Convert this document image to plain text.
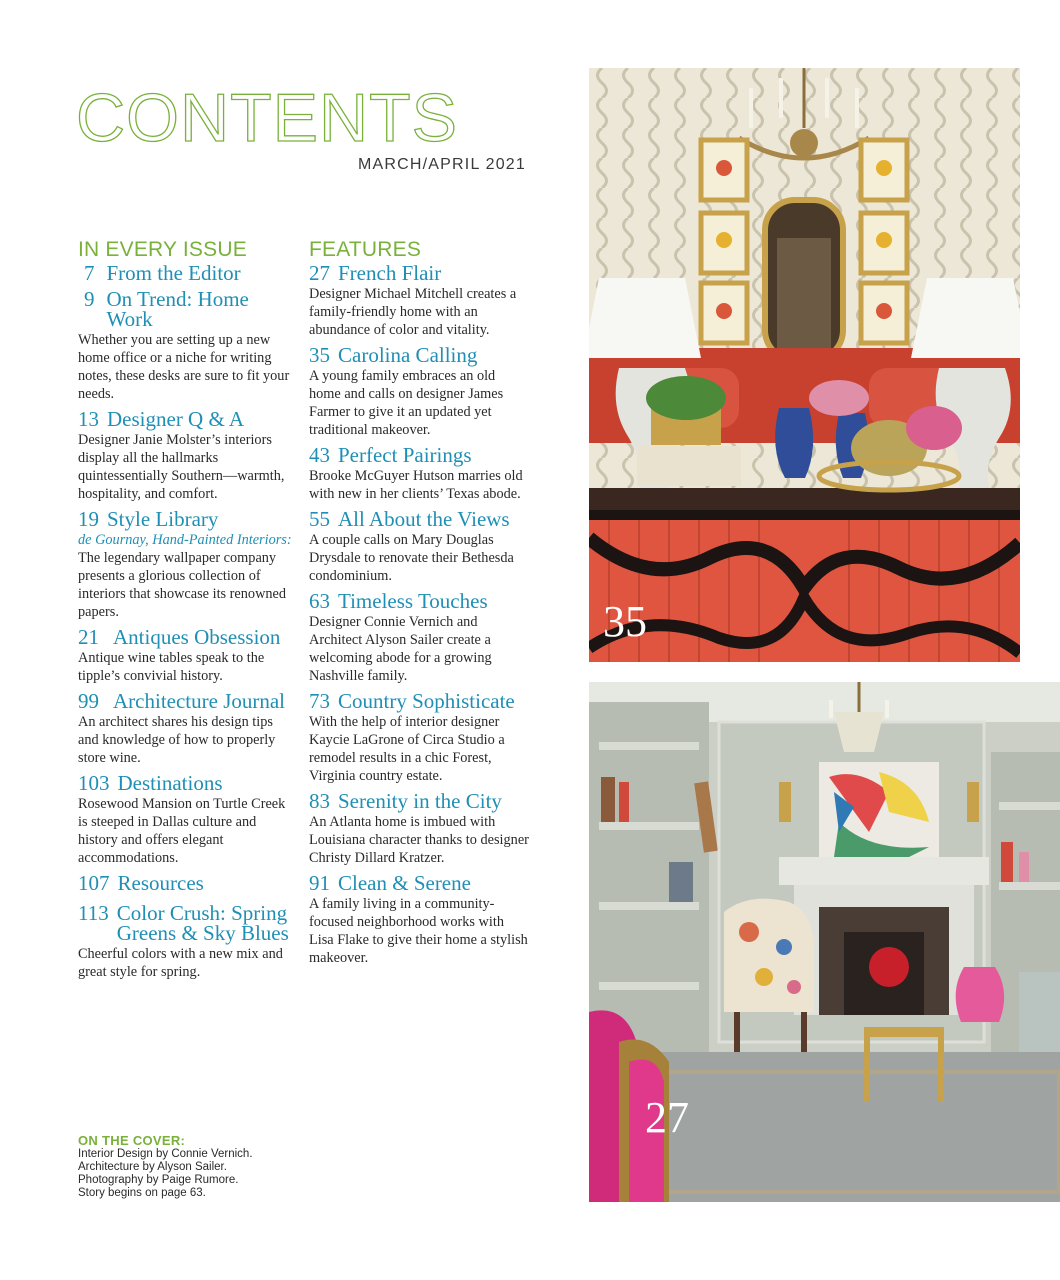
CONTENTS
MARCH/APRIL 2021
IN EVERY ISSUE
7 From the Editor
9 On Trend: Home Work
Whether you are setting up a new home office or a niche for writing notes, these desks are sure to fit your needs.
13 Designer Q & A
Designer Janie Molster’s interiors display all the hallmarks quintessentially Southern—warmth, hospitality, and comfort.
19 Style Library
de Gournay, Hand-Painted Interiors: The legendary wallpaper company presents a glorious collection of interiors that showcase its renowned papers.
21 Antiques Obsession
Antique wine tables speak to the tipple’s convivial history.
99 Architecture Journal
An architect shares his design tips and knowledge of how to properly store wine.
103 Destinations
Rosewood Mansion on Turtle Creek is steeped in Dallas culture and history and offers elegant accommodations.
107 Resources
113 Color Crush: Spring Greens & Sky Blues
Cheerful colors with a new mix and great style for spring.
FEATURES
27 French Flair
Designer Michael Mitchell creates a family-friendly home with an abundance of color and vitality.
35 Carolina Calling
A young family embraces an old home and calls on designer James Farmer to give it an updated yet traditional makeover.
43 Perfect Pairings
Brooke McGuyer Hutson marries old with new in her clients’ Texas abode.
55 All About the Views
A couple calls on Mary Douglas Drysdale to renovate their Bethesda condominium.
63 Timeless Touches
Designer Connie Vernich and Architect Alyson Sailer create a welcoming abode for a growing Nashville family.
73 Country Sophisticate
With the help of interior designer Kaycie LaGrone of Circa Studio a remodel results in a chic Forest, Virginia country estate.
83 Serenity in the City
An Atlanta home is imbued with Louisiana character thanks to designer Christy Dillard Kratzer.
91 Clean & Serene
A family living in a community-focused neighborhood works with Lisa Flake to give their home a stylish makeover.
ON THE COVER:
Interior Design by Connie Vernich.
Architecture by Alyson Sailer.
Photography by Paige Rumore.
Story begins on page 63.
35
27
